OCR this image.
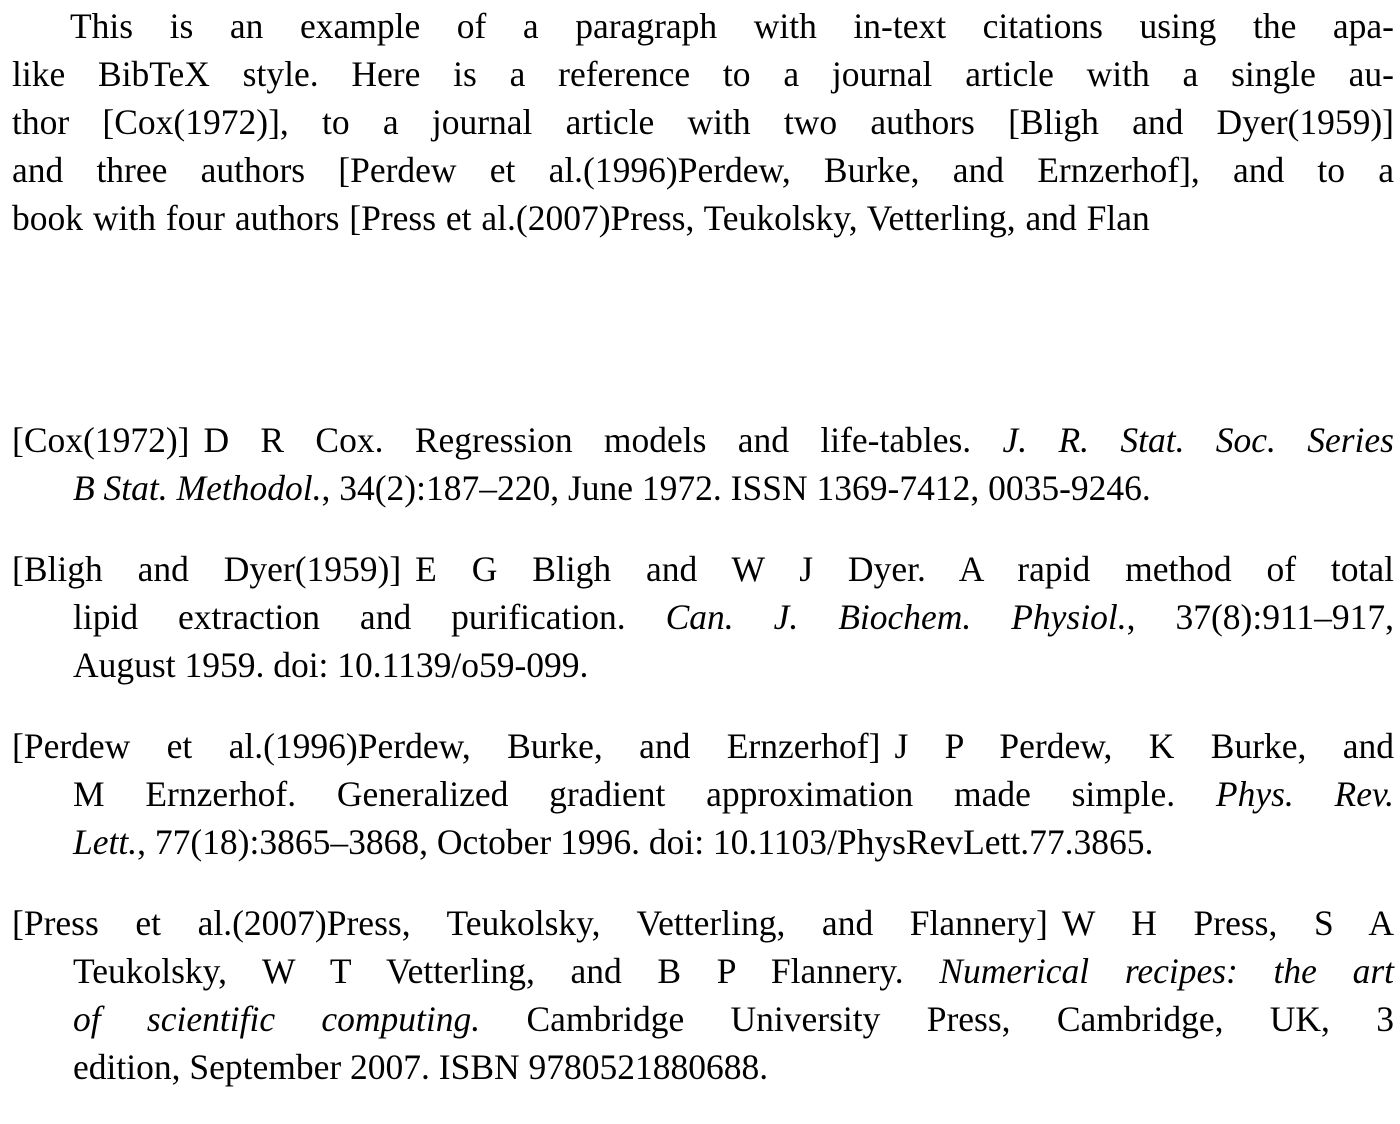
This is an example of a paragraph with in-text citations using the apa-
like BibTeX style. Here is a reference to a journal article with a single au-
thor [Cox(1972)], to a journal article with two authors [Bligh and Dyer(1959)]
and three authors [Perdew et al.(1996)Perdew, Burke, and Ernzerhof], and to a
book with four authors [Press et al.(2007)Press, Teukolsky, Vetterling, and Flan
[Cox(1972)] D R Cox. Regression models and life-tables. J. R. Stat. Soc. Series
B Stat. Methodol., 34(2):187–220, June 1972. ISSN 1369-7412, 0035-9246.
[Bligh and Dyer(1959)] E G Bligh and W J Dyer. A rapid method of total
lipid extraction and purification. Can. J. Biochem. Physiol., 37(8):911–917,
August 1959. doi: 10.1139/o59-099.
[Perdew et al.(1996)Perdew, Burke, and Ernzerhof] J P Perdew, K Burke, and
M Ernzerhof. Generalized gradient approximation made simple. Phys. Rev.
Lett., 77(18):3865–3868, October 1996. doi: 10.1103/PhysRevLett.77.3865.
[Press et al.(2007)Press, Teukolsky, Vetterling, and Flannery] W H Press, S A
Teukolsky, W T Vetterling, and B P Flannery. Numerical recipes: the art
of scientific computing. Cambridge University Press, Cambridge, UK, 3
edition, September 2007. ISBN 9780521880688.
